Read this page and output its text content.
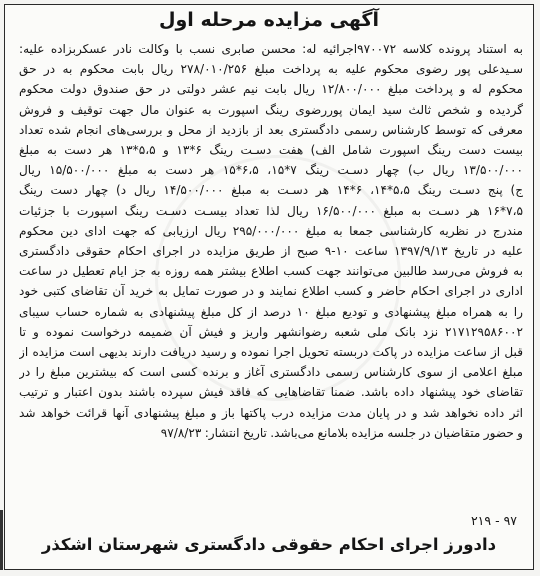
آگهی مزایده مرحله اول
به استناد پرونده کلاسه ۹۷۰۰۷۲اجرائیه له: محسن صابری نسب با وکالت نادر عسکربزاده علیه:
سـیدعلی پور رضوی محکوم علیه به پرداخت مبلغ ۲۷۸/۰۱۰/۲۵۶ ریال بابت محکوم به در حق
محکوم له و پرداخت مبلغ ۱۲/۸۰۰/۰۰۰ ریال بابت نیم عشر دولتی در حق صندوق دولت محکوم
گردیده و شخص ثالث سید ایمان پوررضوی رینگ اسپورت به عنوان مال جهت توقیف و فروش
معرفی که توسط کارشناس رسمی دادگستری بعد از بازدید از محل و بررسی‌های انجام شده تعداد
بیست دست رینگ اسپورت شامل الف) هفت دسـت رینگ ۶*۱۳ و ۵،۵*۱۳ هر دست به مبلغ
۱۳/۵۰۰/۰۰۰ ریال ب) چهار دسـت رینگ ۷*۱۵، ۶،۵*۱۵ هر دست به مبلغ ۱۵/۵۰۰/۰۰۰ ریال
ج) پنج دسـت رینگ ۵،۵*۱۴، ۶*۱۴ هر دسـت به مبلغ ۱۴/۵۰۰/۰۰۰ ریال د) چهار دست رینگ
۷،۵*۱۶ هر دسـت به مبلغ ۱۶/۵۰۰/۰۰۰ ریال لذا تعداد بیسـت دسـت رینگ اسپورت با جزئیات
مندرج در نظریه کارشناسی جمعا به مبلغ ۲۹۵/۰۰۰/۰۰۰ ریال ارزیابی که جهت ادای دین محکوم
علیه در تاریخ ۱۳۹۷/۹/۱۳ ساعت ۱۰-۹ صبح از طریق مزایده در اجرای احکام حقوقی دادگستری
به فروش می‌رسد طالبین می‌توانند جهت کسب اطلاع بیشتر همه روزه به جز ایام تعطیل در ساعت
اداری در اجرای احکام حاضر و کسب اطلاع نمایند و در صورت تمایل به خرید آن تقاضای کتبی خود
را به همراه مبلغ پیشنهادی و تودیع مبلغ ۱۰ درصد از کل مبلغ پیشنهادی به شماره حساب سیبای
۲۱۷۱۲۹۵۸۶۰۰۲ نزد بانک ملی شعبه رضوانشهر واریز و فیش آن ضمیمه درخواست نموده و تا
قبل از ساعت مزایده در پاکت دربسته تحویل اجرا نموده و رسید دریافت دارند بدیهی است مزایده از
مبلغ اعلامی از سوی کارشناس رسمی دادگستری آغاز و برنده کسی است که بیشترین مبلغ را در
تقاضای خود پیشنهاد داده باشد. ضمنا تقاضاهایی که فاقد فیش سپرده باشند بدون اعتبار و ترتیب
اثر داده نخواهد شد و در پایان مدت مزایده درب پاکتها باز و مبلغ پیشنهادی آنها قرائت خواهد شد
و حضور متقاضیان در جلسه مزایده بلامانع می‌باشد. تاریخ انتشار: ۹۷/۸/۲۳
۹۷ - ۲۱۹
دادورز اجرای احکام حقوقی دادگستری شهرستان اشکذر
